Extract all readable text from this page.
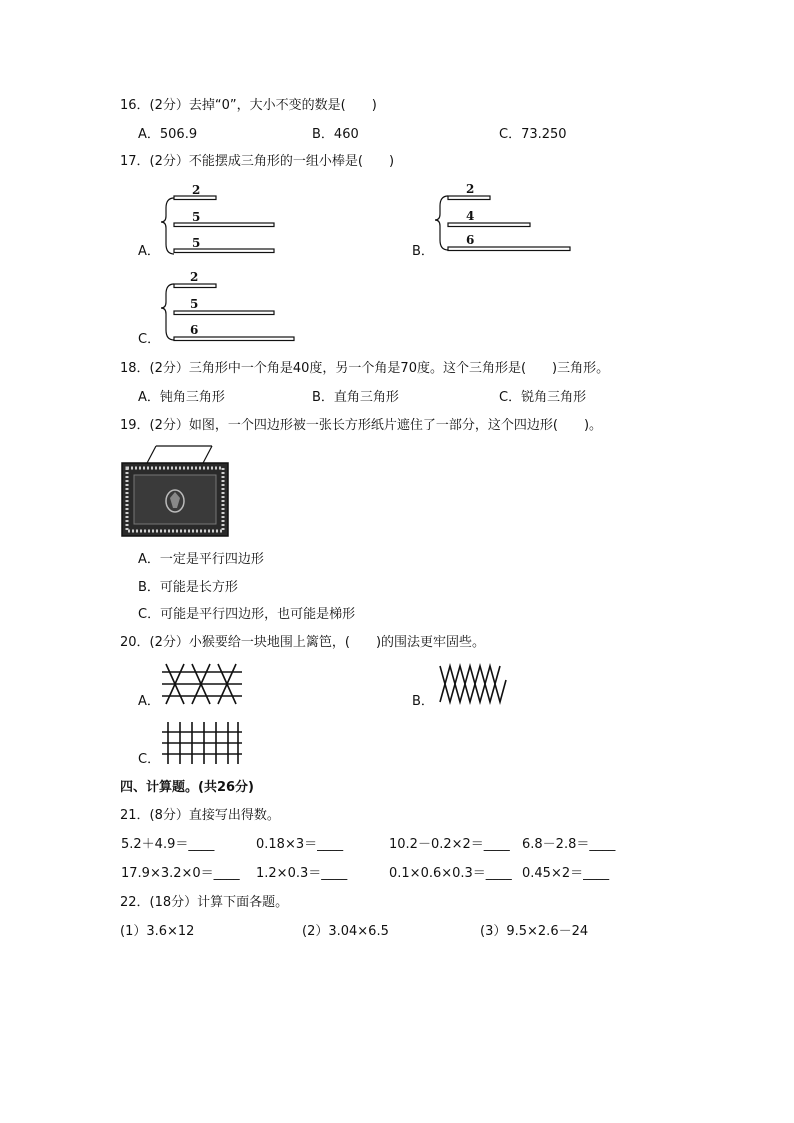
16．(2分）去掉“0”，大小不变的数是(　　)
A．506.9	B．460	C．73.250
17．(2分）不能摆成三角形的一组小棒是(　　)
A．
2
5
5
B．
2
4
6
C．
2
5
6
18．(2分）三角形中一个角是40度，另一个角是70度。这个三角形是(　　)三角形。
A．钝角三角形	B．直角三角形	C．锐角三角形
19．(2分）如图，一个四边形被一张长方形纸片遮住了一部分，这个四边形(　　)。
A．一定是平行四边形
B．可能是长方形
C．可能是平行四边形，也可能是梯形
20．(2分）小猴要给一块地围上篱笆，(　　)的围法更牢固些。
A．	B．
C．
四、计算题。(共26分)
21．(8分）直接写出得数。
5.2＋4.9＝____	0.18×3＝____	10.2－0.2×2＝____ 6.8－2.8＝____
17.9×3.2×0＝____ 1.2×0.3＝____	0.1×0.6×0.3＝____ 0.45×2＝____
22．(18分）计算下面各题。
(1）3.6×12	(2）3.04×6.5	(3）9.5×2.6－24
